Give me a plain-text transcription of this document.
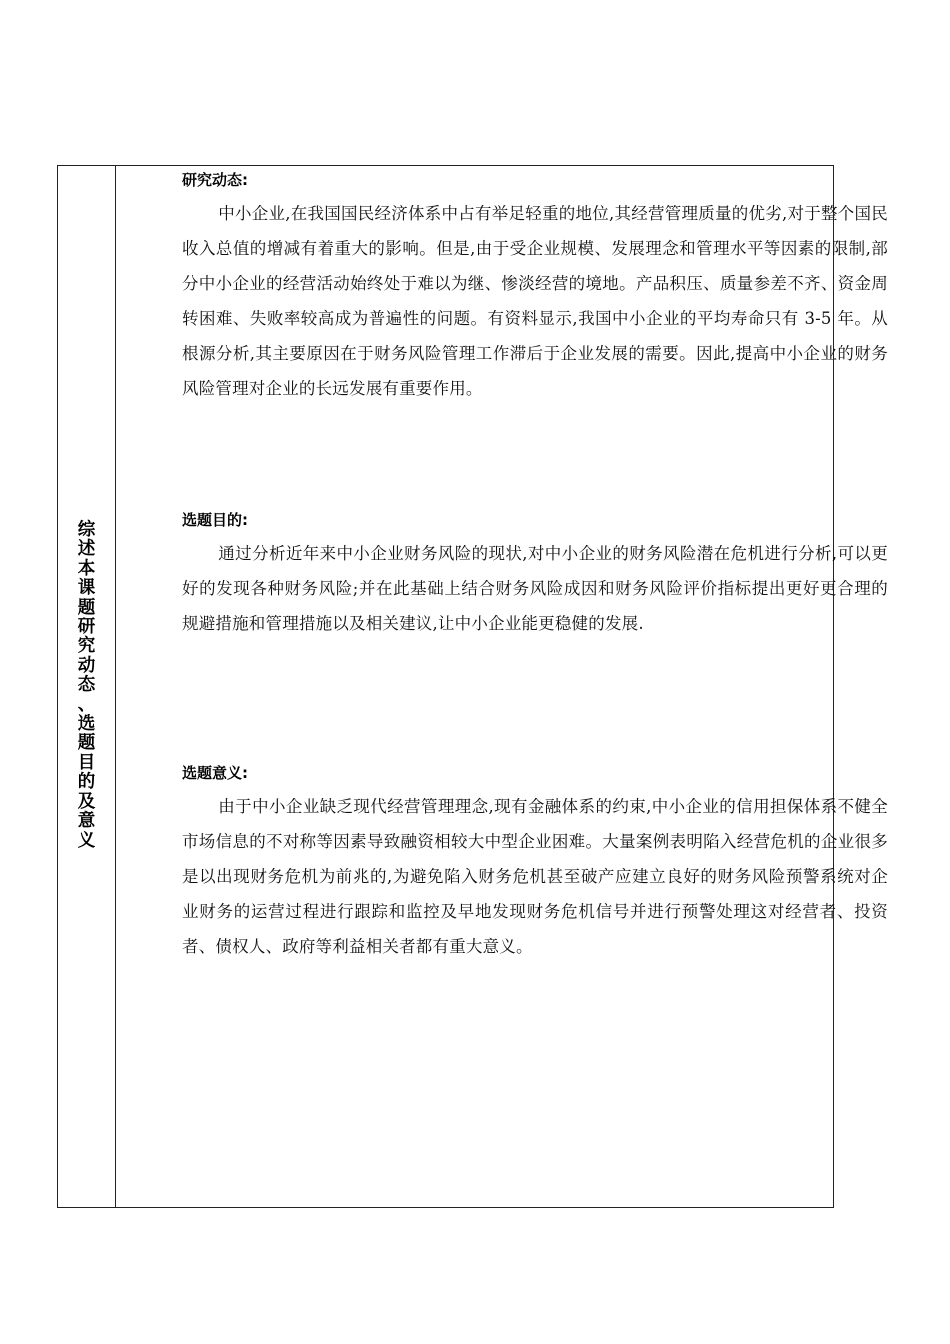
综
述
本
课
题
研
究
动
态
、
选
题
目
的
及
意
义

研究动态:

中小企业,在我国国民经济体系中占有举足轻重的地位,其经营管理质量的优劣,对于整个国民收入总值的增减有着重大的影响。但是,由于受企业规模、发展理念和管理水平等因素的限制,部分中小企业的经营活动始终处于难以为继、惨淡经营的境地。产品积压、质量参差不齐、资金周转困难、失败率较高成为普遍性的问题。有资料显示,我国中小企业的平均寿命只有 3-5 年。从根源分析,其主要原因在于财务风险管理工作滞后于企业发展的需要。因此,提高中小企业的财务风险管理对企业的长远发展有重要作用。

选题目的:

通过分析近年来中小企业财务风险的现状,对中小企业的财务风险潜在危机进行分析,可以更好的发现各种财务风险;并在此基础上结合财务风险成因和财务风险评价指标提出更好更合理的规避措施和管理措施以及相关建议,让中小企业能更稳健的发展.

选题意义:

由于中小企业缺乏现代经营管理理念,现有金融体系的约束,中小企业的信用担保体系不健全市场信息的不对称等因素导致融资相较大中型企业困难。大量案例表明陷入经营危机的企业很多是以出现财务危机为前兆的,为避免陷入财务危机甚至破产应建立良好的财务风险预警系统对企业财务的运营过程进行跟踪和监控及早地发现财务危机信号并进行预警处理这对经营者、投资者、债权人、政府等利益相关者都有重大意义。
